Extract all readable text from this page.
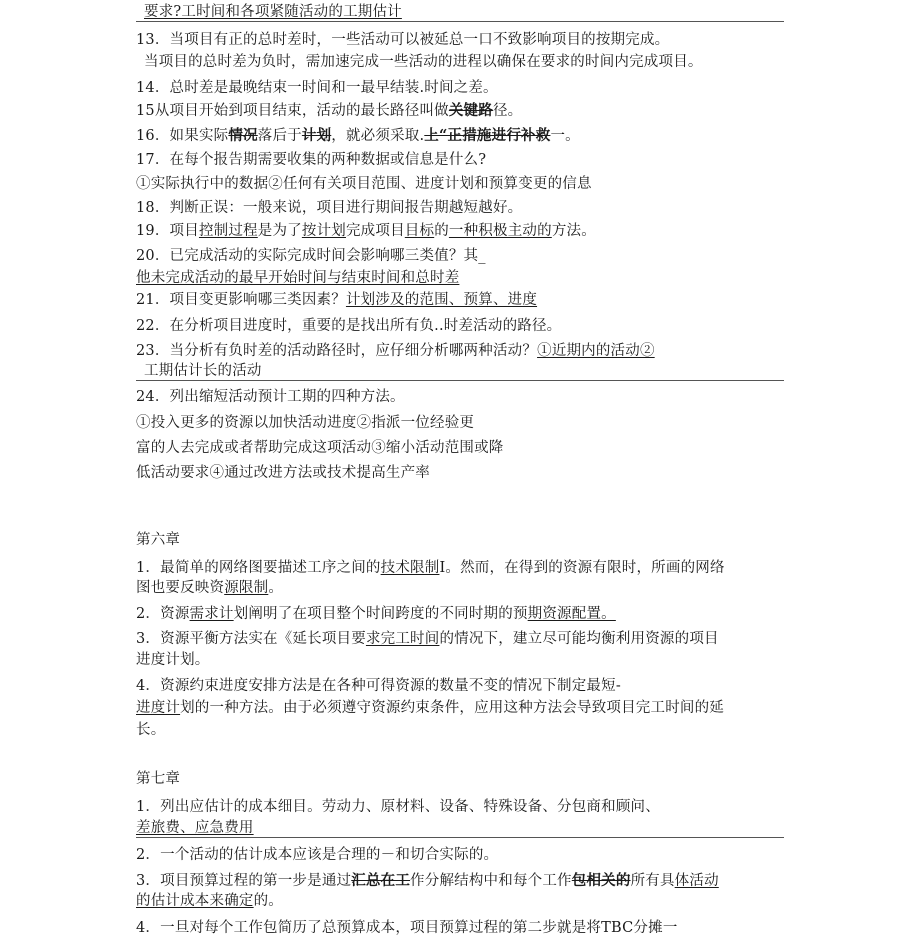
要求?工时间和各项紧随活动的工期估计
13．当项目有正的总时差时，一些活动可以被延总一口不致影响项目的按期完成。
当项目的总时差为负时，需加速完成一些活动的进程以确保在要求的时间内完成项目。
14．总时差是最晚结束一时间和一最早结装.时间之差。
15从项目开始到项目结束，活动的最长路径叫做关键路径。
16．如果实际情况落后于计划，就必须采取.上“正措施进行补救一。
17．在每个报告期需要收集的两种数据或信息是什么?
①实际执行中的数据②任何有关项目范围、进度计划和预算变更的信息
18．判断正误：一般来说，项目进行期间报告期越短越好。
19．项目控制过程是为了按计划完成项目目标的一种积极主动的方法。
20．已完成活动的实际完成时间会影响哪三类值？其_
他未完成活动的最早开始时间与结束时间和总时差
21．项目变更影响哪三类因素？计划涉及的范围、预算、进度
22．在分析项目进度时，重要的是找出所有负..时差活动的路径。
23．当分析有负时差的活动路径时，应仔细分析哪两种活动？①近期内的活动②
工期估计长的活动
24．列出缩短活动预计工期的四种方法。
①投入更多的资源以加快活动进度②指派一位经验更
富的人去完成或者帮助完成这项活动③缩小活动范围或降
低活动要求④通过改进方法或技术提高生产率
第六章
1．最简单的网络图要描述工序之间的技术限制I。然而，在得到的资源有限时，所画的网络
图也要反映资源限制。
2．资源需求计划阐明了在项目整个时间跨度的不同时期的预期资源配置。
3．资源平衡方法实在《延长项目要求完工时间的情况下，建立尽可能均衡利用资源的项目
进度计划。
4．资源约束进度安排方法是在各种可得资源的数量不变的情况下制定最短-
进度计划的一种方法。由于必须遵守资源约束条件，应用这种方法会导致项目完工时间的延
长。
第七章
1．列出应估计的成本细目。劳动力、原材料、设备、特殊设备、分包商和顾问、
差旅费、应急费用
2．一个活动的估计成本应该是合理的－和切合实际的。
3．项目预算过程的第一步是通过汇总在工作分解结构中和每个工作包相关的所有具体活动
的估计成本来确定的。
4．一旦对每个工作包简历了总预算成本，项目预算过程的第二步就是将TBC分摊一
